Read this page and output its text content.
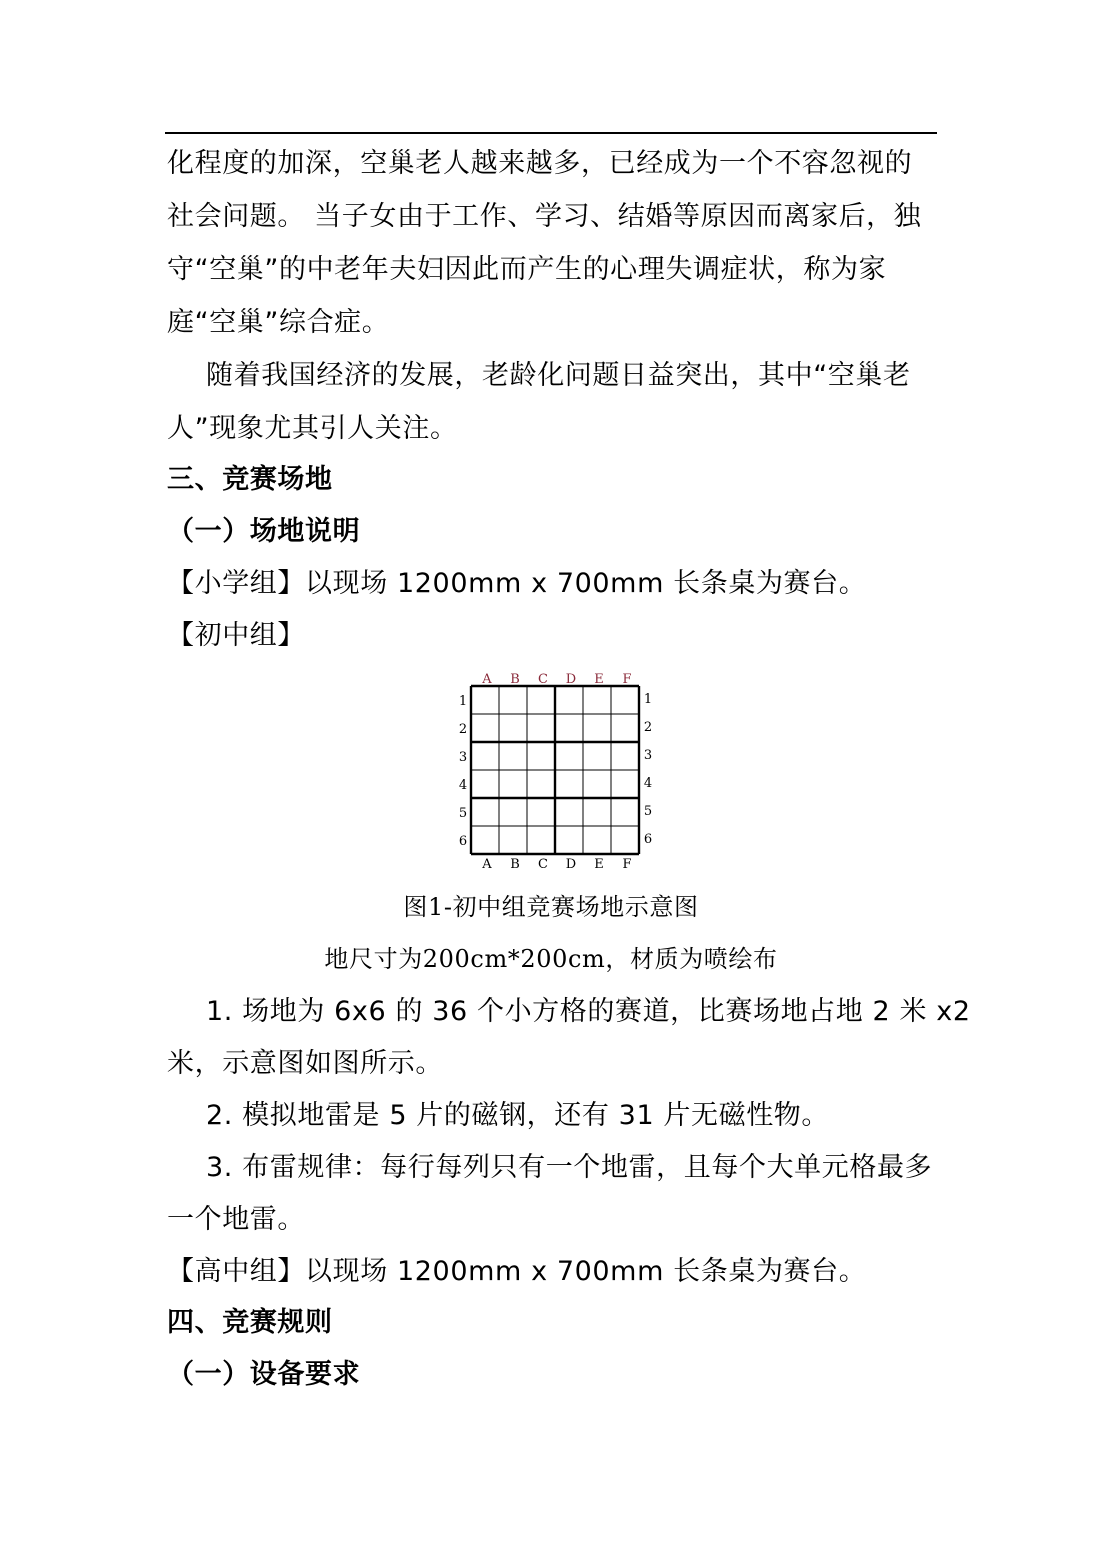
化程度的加深，空巢老人越来越多，已经成为一个不容忽视的
社会问题。 当子女由于工作、学习、结婚等原因而离家后，独
守“空巢”的中老年夫妇因此而产生的心理失调症状，称为家
庭“空巢”综合症。
随着我国经济的发展，老龄化问题日益突出，其中“空巢老
人”现象尤其引人关注。
三、竞赛场地
（一）场地说明
【小学组】以现场 1200mm x 700mm 长条桌为赛台。
【初中组】
A B C D E F
A B C D E F
1
2
3
4
5
6
1
2
3
4
5
6
图1-初中组竞赛场地示意图
地尺寸为200cm*200cm，材质为喷绘布
1. 场地为 6x6 的 36 个小方格的赛道，比赛场地占地 2 米 x2
米，示意图如图所示。
2. 模拟地雷是 5 片的磁钢，还有 31 片无磁性物。
3. 布雷规律：每行每列只有一个地雷，且每个大单元格最多
一个地雷。
【高中组】以现场 1200mm x 700mm 长条桌为赛台。
四、竞赛规则
（一）设备要求
